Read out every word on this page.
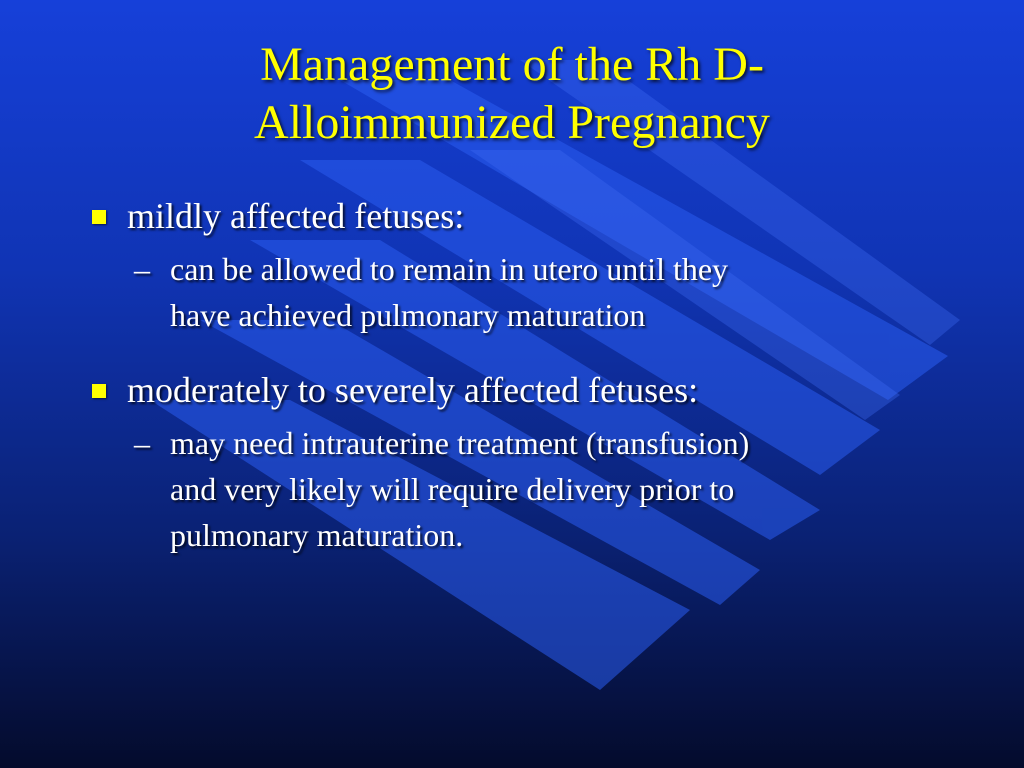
Management of the Rh D-
Alloimmunized Pregnancy
mildly affected fetuses:
– can be allowed to remain in utero until they
have achieved pulmonary maturation
moderately to severely affected fetuses:
– may need intrauterine treatment (transfusion)
and very likely will require delivery prior to
pulmonary maturation.
